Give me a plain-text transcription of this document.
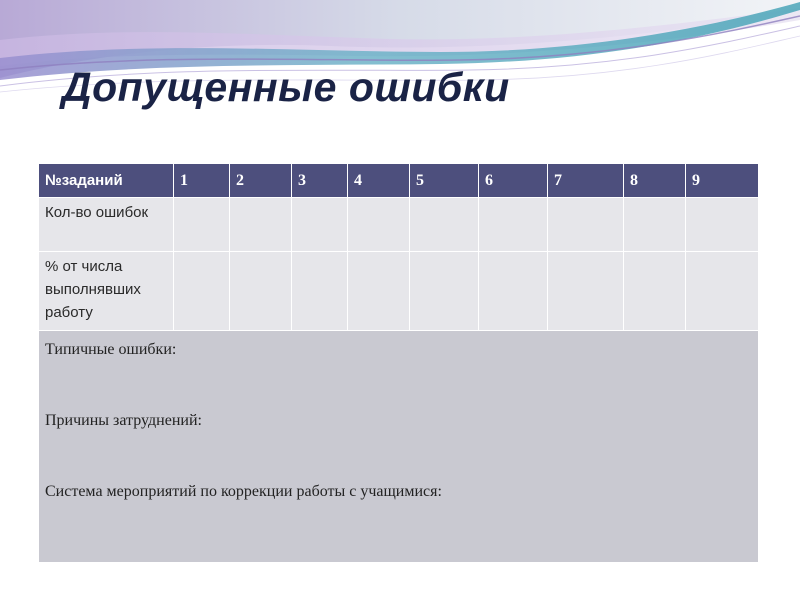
Допущенные ошибки
№заданий	1	2	3	4	5	6	7	8	9
Кол-во ошибок									
% от числа выполнявших работу									

Типичные ошибки:

Причины затруднений:

Система мероприятий по коррекции работы с учащимися:									
